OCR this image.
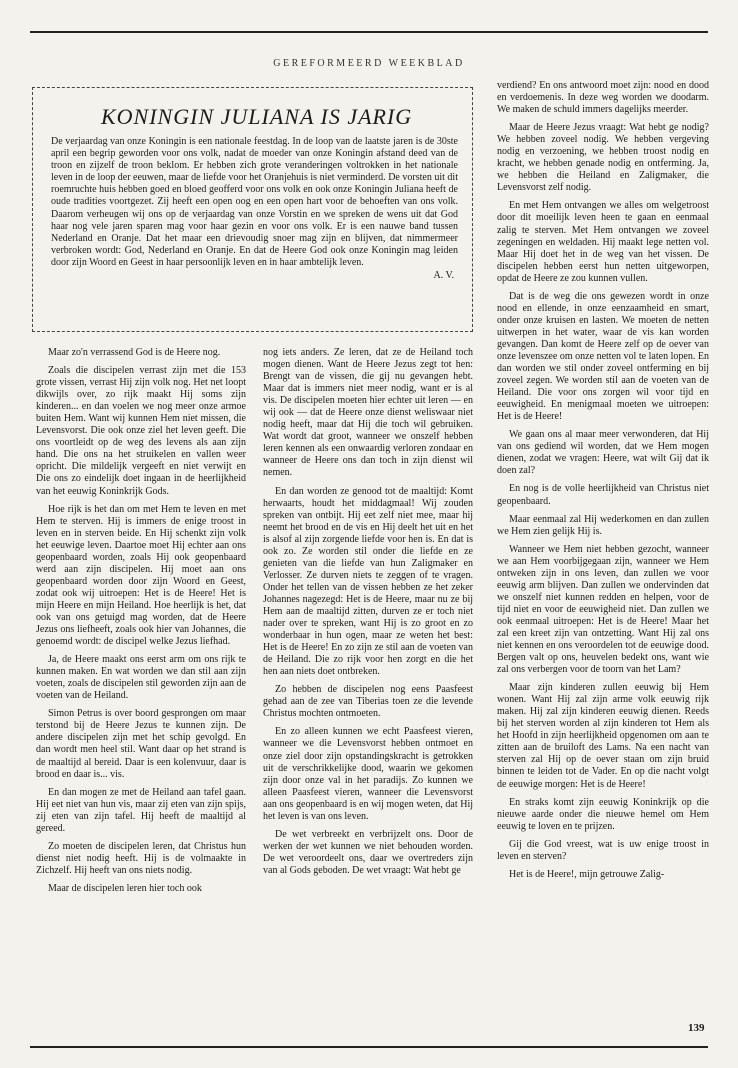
GEREFORMEERD WEEKBLAD
KONINGIN JULIANA IS JARIG

De verjaardag van onze Koningin is een nationale feestdag. In de loop van de laatste jaren is de 30ste april een begrip geworden voor ons volk, nadat de moeder van onze Koningin afstand deed van de troon en zijzelf de troon beklom. Er hebben zich grote veranderingen voltrokken in het nationale leven in de loop der eeuwen, maar de liefde voor het Oranjehuis is niet verminderd. De vorsten uit dit roemruchte huis hebben goed en bloed geofferd voor ons volk en ook onze Koningin Juliana heeft de oude tradities voortgezet. Zij heeft een open oog en een open hart voor de behoeften van ons volk. Daarom verheugen wij ons op de verjaardag van onze Vorstin en we spreken de wens uit dat God haar nog vele jaren sparen mag voor haar gezin en voor ons volk. Er is een nauwe band tussen Nederland en Oranje. Dat het maar een drievoudig snoer mag zijn en blijven, dat nimmermeer verbroken wordt: God, Nederland en Oranje. En dat de Heere God ook onze Koningin mag leiden door zijn Woord en Geest in haar persoonlijk leven en in haar ambtelijk leven.

A. V.

Maar zo'n verrassend God is de Heere nog.

Zoals die discipelen verrast zijn met die 153 grote vissen, verrast Hij zijn volk nog. Het net loopt dikwijls over, zo rijk maakt Hij soms zijn kinderen... en dan voelen we nog meer onze armoe buiten Hem. Want wij kunnen Hem niet missen, die Levensvorst. Die ook onze ziel het leven geeft. Die ons voortleidt op de weg des levens als aan zijn hand. Die ons na het struikelen en vallen weer opricht. Die mildelijk vergeeft en niet verwijt en Die ons zo eindelijk doet ingaan in de heerlijkheid van het eeuwig Koninkrijk Gods.

Hoe rijk is het dan om met Hem te leven en met Hem te sterven. Hij is immers de enige troost in leven en in sterven beide. En Hij schenkt zijn volk het eeuwige leven. Daartoe moet Hij echter aan ons geopenbaard worden, zoals Hij ook geopenbaard werd aan zijn discipelen. Hij moet aan ons geopenbaard worden door zijn Woord en Geest, zodat ook wij uitroepen: Het is de Heere! Het is mijn Heere en mijn Heiland. Hoe heerlijk is het, dat ook van ons getuigd mag worden, dat de Heere Jezus ons liefheeft, zoals ook hier van Johannes, die genoemd wordt: de discipel welke Jezus liefhad.

Ja, de Heere maakt ons eerst arm om ons rijk te kunnen maken. En wat worden we dan stil aan zijn voeten, zoals de discipelen stil geworden zijn aan de voeten van de Heiland.

Simon Petrus is over boord gesprongen om maar terstond bij de Heere Jezus te kunnen zijn. De andere discipelen zijn met het schip gevolgd. En dan wordt men heel stil. Want daar op het strand is de maaltijd al bereid. Daar is een kolenvuur, daar is brood en daar is... vis.

En dan mogen ze met de Heiland aan tafel gaan. Hij eet niet van hun vis, maar zij eten van zijn spijs, zij eten van zijn tafel. Hij heeft de maaltijd al gereed.

Zo moeten de discipelen leren, dat Christus hun dienst niet nodig heeft. Hij is de volmaakte in Zichzelf. Hij heeft van ons niets nodig.

Maar de discipelen leren hier toch ook

nog iets anders. Ze leren, dat ze de Heiland toch mogen dienen. Want de Heere Jezus zegt tot hen: Brengt van de vissen, die gij nu gevangen hebt. Maar dat is immers niet meer nodig, want er is al vis. De discipelen moeten hier echter uit leren — en wij ook — dat de Heere onze dienst weliswaar niet nodig heeft, maar dat Hij die toch wil gebruiken. Wat wordt dat groot, wanneer we onszelf hebben leren kennen als een onwaardig verloren zondaar en wanneer de Heere ons dan toch in zijn dienst wil nemen.

En dan worden ze genood tot de maaltijd: Komt herwaarts, houdt het middagmaal! Wij zouden spreken van ontbijt. Hij eet zelf niet mee, maar hij neemt het brood en de vis en Hij deelt het uit en het is alsof al zijn zorgende liefde voor hen is. En dat is ook zo. Ze worden stil onder die liefde en ze genieten van die liefde van hun Zaligmaker en Verlosser. Ze durven niets te zeggen of te vragen. Onder het tellen van de vissen hebben ze het zeker Johannes nagezegd: Het is de Heere, maar nu ze bij Hem aan de maaltijd zitten, durven ze er toch niet nader over te spreken, want Hij is zo groot en zo wonderbaar in hun ogen, maar ze weten het best: Het is de Heere! En zo zijn ze stil aan de voeten van de Heiland. Die zo rijk voor hen zorgt en die het hen aan niets doet ontbreken.

Zo hebben de discipelen nog eens Paasfeest gehad aan de zee van Tiberias toen ze die levende Christus mochten ontmoeten.

En zo alleen kunnen we echt Paasfeest vieren, wanneer we die Levensvorst hebben ontmoet en onze ziel door zijn opstandingskracht is getrokken uit de verschrikkelijke dood, waarin we gekomen zijn door onze val in het paradijs. Zo kunnen we alleen Paasfeest vieren, wanneer die Levensvorst aan ons geopenbaard is en wij mogen weten, dat Hij het leven is van ons leven.

De wet verbreekt en verbrijzelt ons. Door de werken der wet kunnen we niet behouden worden. De wet veroordeelt ons, daar we overtreders zijn van al Gods geboden. De wet vraagt: Wat hebt ge

verdiend? En ons antwoord moet zijn: nood en dood en verdoemenis. In deze weg worden we doodarm. We maken de schuld immers dagelijks meerder.

Maar de Heere Jezus vraagt: Wat hebt ge nodig? We hebben zoveel nodig. We hebben vergeving nodig en verzoening, we hebben troost nodig en kracht, we hebben genade nodig en ontferming. Ja, we hebben die Heiland en Zaligmaker, die Levensvorst zelf nodig.

En met Hem ontvangen we alles om welgetroost door dit moeilijk leven heen te gaan en eenmaal zalig te sterven. Met Hem ontvangen we zoveel zegeningen en weldaden. Hij maakt lege netten vol. Maar Hij doet het in de weg van het vissen. De discipelen hebben eerst hun netten uitgeworpen, opdat de Heere ze zou kunnen vullen.

Dat is de weg die ons gewezen wordt in onze nood en ellende, in onze eenzaamheid en smart, onder onze kruisen en lasten. We moeten de netten uitwerpen in het water, waar de vis kan worden gevangen. Dan komt de Heere zelf op de oever van onze levenszee om onze netten vol te laten lopen. En dan worden we stil onder zoveel ontferming en bij zoveel zegen. We worden stil aan de voeten van de Heiland. Die voor ons zorgen wil voor tijd en eeuwigheid. En menigmaal moeten we uitroepen: Het is de Heere!

We gaan ons al maar meer verwonderen, dat Hij van ons gediend wil worden, dat we Hem mogen dienen, zodat we vragen: Heere, wat wilt Gij dat ik doen zal?

En nog is de volle heerlijkheid van Christus niet geopenbaard.

Maar eenmaal zal Hij wederkomen en dan zullen we Hem zien gelijk Hij is.

Wanneer we Hem niet hebben gezocht, wanneer we aan Hem voorbijgegaan zijn, wanneer we Hem ontweken zijn in ons leven, dan zullen we voor eeuwig arm blijven. Dan zullen we ondervinden dat we onszelf niet kunnen redden en helpen, voor de tijd niet en voor de eeuwigheid niet. Dan zullen we ook eenmaal uitroepen: Het is de Heere! Maar het zal een kreet zijn van ontzetting. Want Hij zal ons niet kennen en ons veroordelen tot de eeuwige dood. Bergen valt op ons, heuvelen bedekt ons, want wie zal ons verbergen voor de toorn van het Lam?

Maar zijn kinderen zullen eeuwig bij Hem wonen. Want Hij zal zijn arme volk eeuwig rijk maken. Hij zal zijn kinderen eeuwig dienen. Reeds bij het sterven worden al zijn kinderen tot Hem als het Hoofd in zijn heerlijkheid opgenomen om aan te zitten aan de bruiloft des Lams. Na een nacht van sterven zal Hij op de oever staan om zijn bruid binnen te leiden tot de Vader. En op die nacht volgt de eeuwige morgen: Het is de Heere!

En straks komt zijn eeuwig Koninkrijk op die nieuwe aarde onder die nieuwe hemel om Hem eeuwig te loven en te prijzen.

Gij die God vreest, wat is uw enige troost in leven en sterven?

Het is de Heere!, mijn getrouwe Zalig-

139
